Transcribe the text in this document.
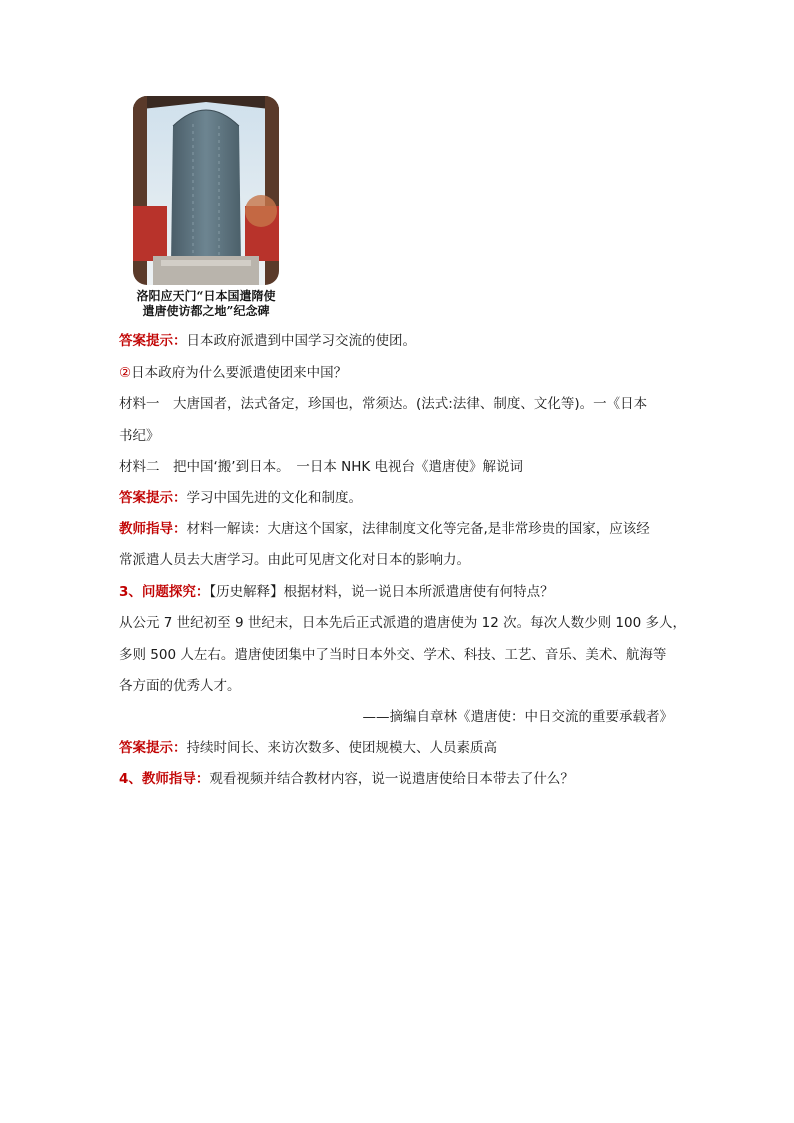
洛阳应天门“日本国遣隋使
遣唐使访都之地”纪念碑
答案提示：日本政府派遣到中国学习交流的使团。
②日本政府为什么要派遣使团来中国？
材料一　大唐国者，法式备定，珍国也，常须达。(法式:法律、制度、文化等)。一《日本
书纪》
材料二　把中国‘搬’到日本。　一日本 NHK 电视台《遣唐使》解说词
答案提示：学习中国先进的文化和制度。
教师指导：材料一解读：大唐这个国家，法律制度文化等完备,是非常珍贵的国家，应该经
常派遣人员去大唐学习。由此可见唐文化对日本的影响力。
3、问题探究：【历史解释】根据材料，说一说日本所派遣唐使有何特点？
从公元 7 世纪初至 9 世纪末，日本先后正式派遣的遣唐使为 12 次。每次人数少则 100 多人，
多则 500 人左右。遣唐使团集中了当时日本外交、学术、科技、工艺、音乐、美术、航海等
各方面的优秀人才。
——摘编自章林《遣唐使：中日交流的重要承载者》
答案提示：持续时间长、来访次数多、使团规模大、人员素质高
4、教师指导：观看视频并结合教材内容，说一说遣唐使给日本带去了什么？
